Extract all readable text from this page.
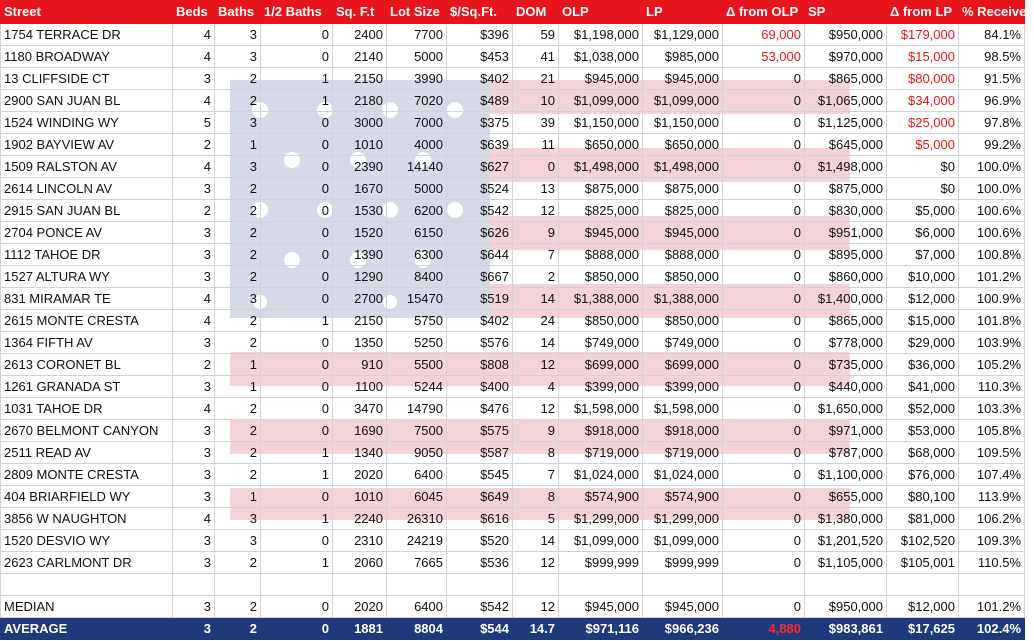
Street	Beds	Baths	1/2 Baths	Sq. F.t	Lot Size	$/Sq.Ft.	DOM	OLP	LP	Δ from OLP	SP	Δ from LP	% Received
1754 TERRACE DR	4	3	0	2400	7700	$396	59	$1,198,000	$1,129,000	69,000	$950,000	$179,000	84.1%
1180 BROADWAY	4	3	0	2140	5000	$453	41	$1,038,000	$985,000	53,000	$970,000	$15,000	98.5%
13 CLIFFSIDE CT	3	2	1	2150	3990	$402	21	$945,000	$945,000	0	$865,000	$80,000	91.5%
2900 SAN JUAN BL	4	2	1	2180	7020	$489	10	$1,099,000	$1,099,000	0	$1,065,000	$34,000	96.9%
1524 WINDING WY	5	3	0	3000	7000	$375	39	$1,150,000	$1,150,000	0	$1,125,000	$25,000	97.8%
1902 BAYVIEW AV	2	1	0	1010	4000	$639	11	$650,000	$650,000	0	$645,000	$5,000	99.2%
1509 RALSTON AV	4	3	0	2390	14140	$627	0	$1,498,000	$1,498,000	0	$1,498,000	$0	100.0%
2614 LINCOLN AV	3	2	0	1670	5000	$524	13	$875,000	$875,000	0	$875,000	$0	100.0%
2915 SAN JUAN BL	2	2	0	1530	6200	$542	12	$825,000	$825,000	0	$830,000	$5,000	100.6%
2704 PONCE AV	3	2	0	1520	6150	$626	9	$945,000	$945,000	0	$951,000	$6,000	100.6%
1112 TAHOE DR	3	2	0	1390	6300	$644	7	$888,000	$888,000	0	$895,000	$7,000	100.8%
1527 ALTURA WY	3	2	0	1290	8400	$667	2	$850,000	$850,000	0	$860,000	$10,000	101.2%
831 MIRAMAR TE	4	3	0	2700	15470	$519	14	$1,388,000	$1,388,000	0	$1,400,000	$12,000	100.9%
2615 MONTE CRESTA	4	2	1	2150	5750	$402	24	$850,000	$850,000	0	$865,000	$15,000	101.8%
1364 FIFTH AV	3	2	0	1350	5250	$576	14	$749,000	$749,000	0	$778,000	$29,000	103.9%
2613 CORONET BL	2	1	0	910	5500	$808	12	$699,000	$699,000	0	$735,000	$36,000	105.2%
1261 GRANADA ST	3	1	0	1100	5244	$400	4	$399,000	$399,000	0	$440,000	$41,000	110.3%
1031 TAHOE DR	4	2	0	3470	14790	$476	12	$1,598,000	$1,598,000	0	$1,650,000	$52,000	103.3%
2670 BELMONT CANYON	3	2	0	1690	7500	$575	9	$918,000	$918,000	0	$971,000	$53,000	105.8%
2511 READ AV	3	2	1	1340	9050	$587	8	$719,000	$719,000	0	$787,000	$68,000	109.5%
2809 MONTE CRESTA	3	2	1	2020	6400	$545	7	$1,024,000	$1,024,000	0	$1,100,000	$76,000	107.4%
404 BRIARFIELD WY	3	1	0	1010	6045	$649	8	$574,900	$574,900	0	$655,000	$80,100	113.9%
3856 W NAUGHTON	4	3	1	2240	26310	$616	5	$1,299,000	$1,299,000	0	$1,380,000	$81,000	106.2%
1520 DESVIO WY	3	3	0	2310	24219	$520	14	$1,099,000	$1,099,000	0	$1,201,520	$102,520	109.3%
2623 CARLMONT DR	3	2	1	2060	7665	$536	12	$999,999	$999,999	0	$1,105,000	$105,001	110.5%

MEDIAN	3	2	0	2020	6400	$542	12	$945,000	$945,000	0	$950,000	$12,000	101.2%
AVERAGE	3	2	0	1881	8804	$544	14.7	$971,116	$966,236	4,880	$983,861	$17,625	102.4%
